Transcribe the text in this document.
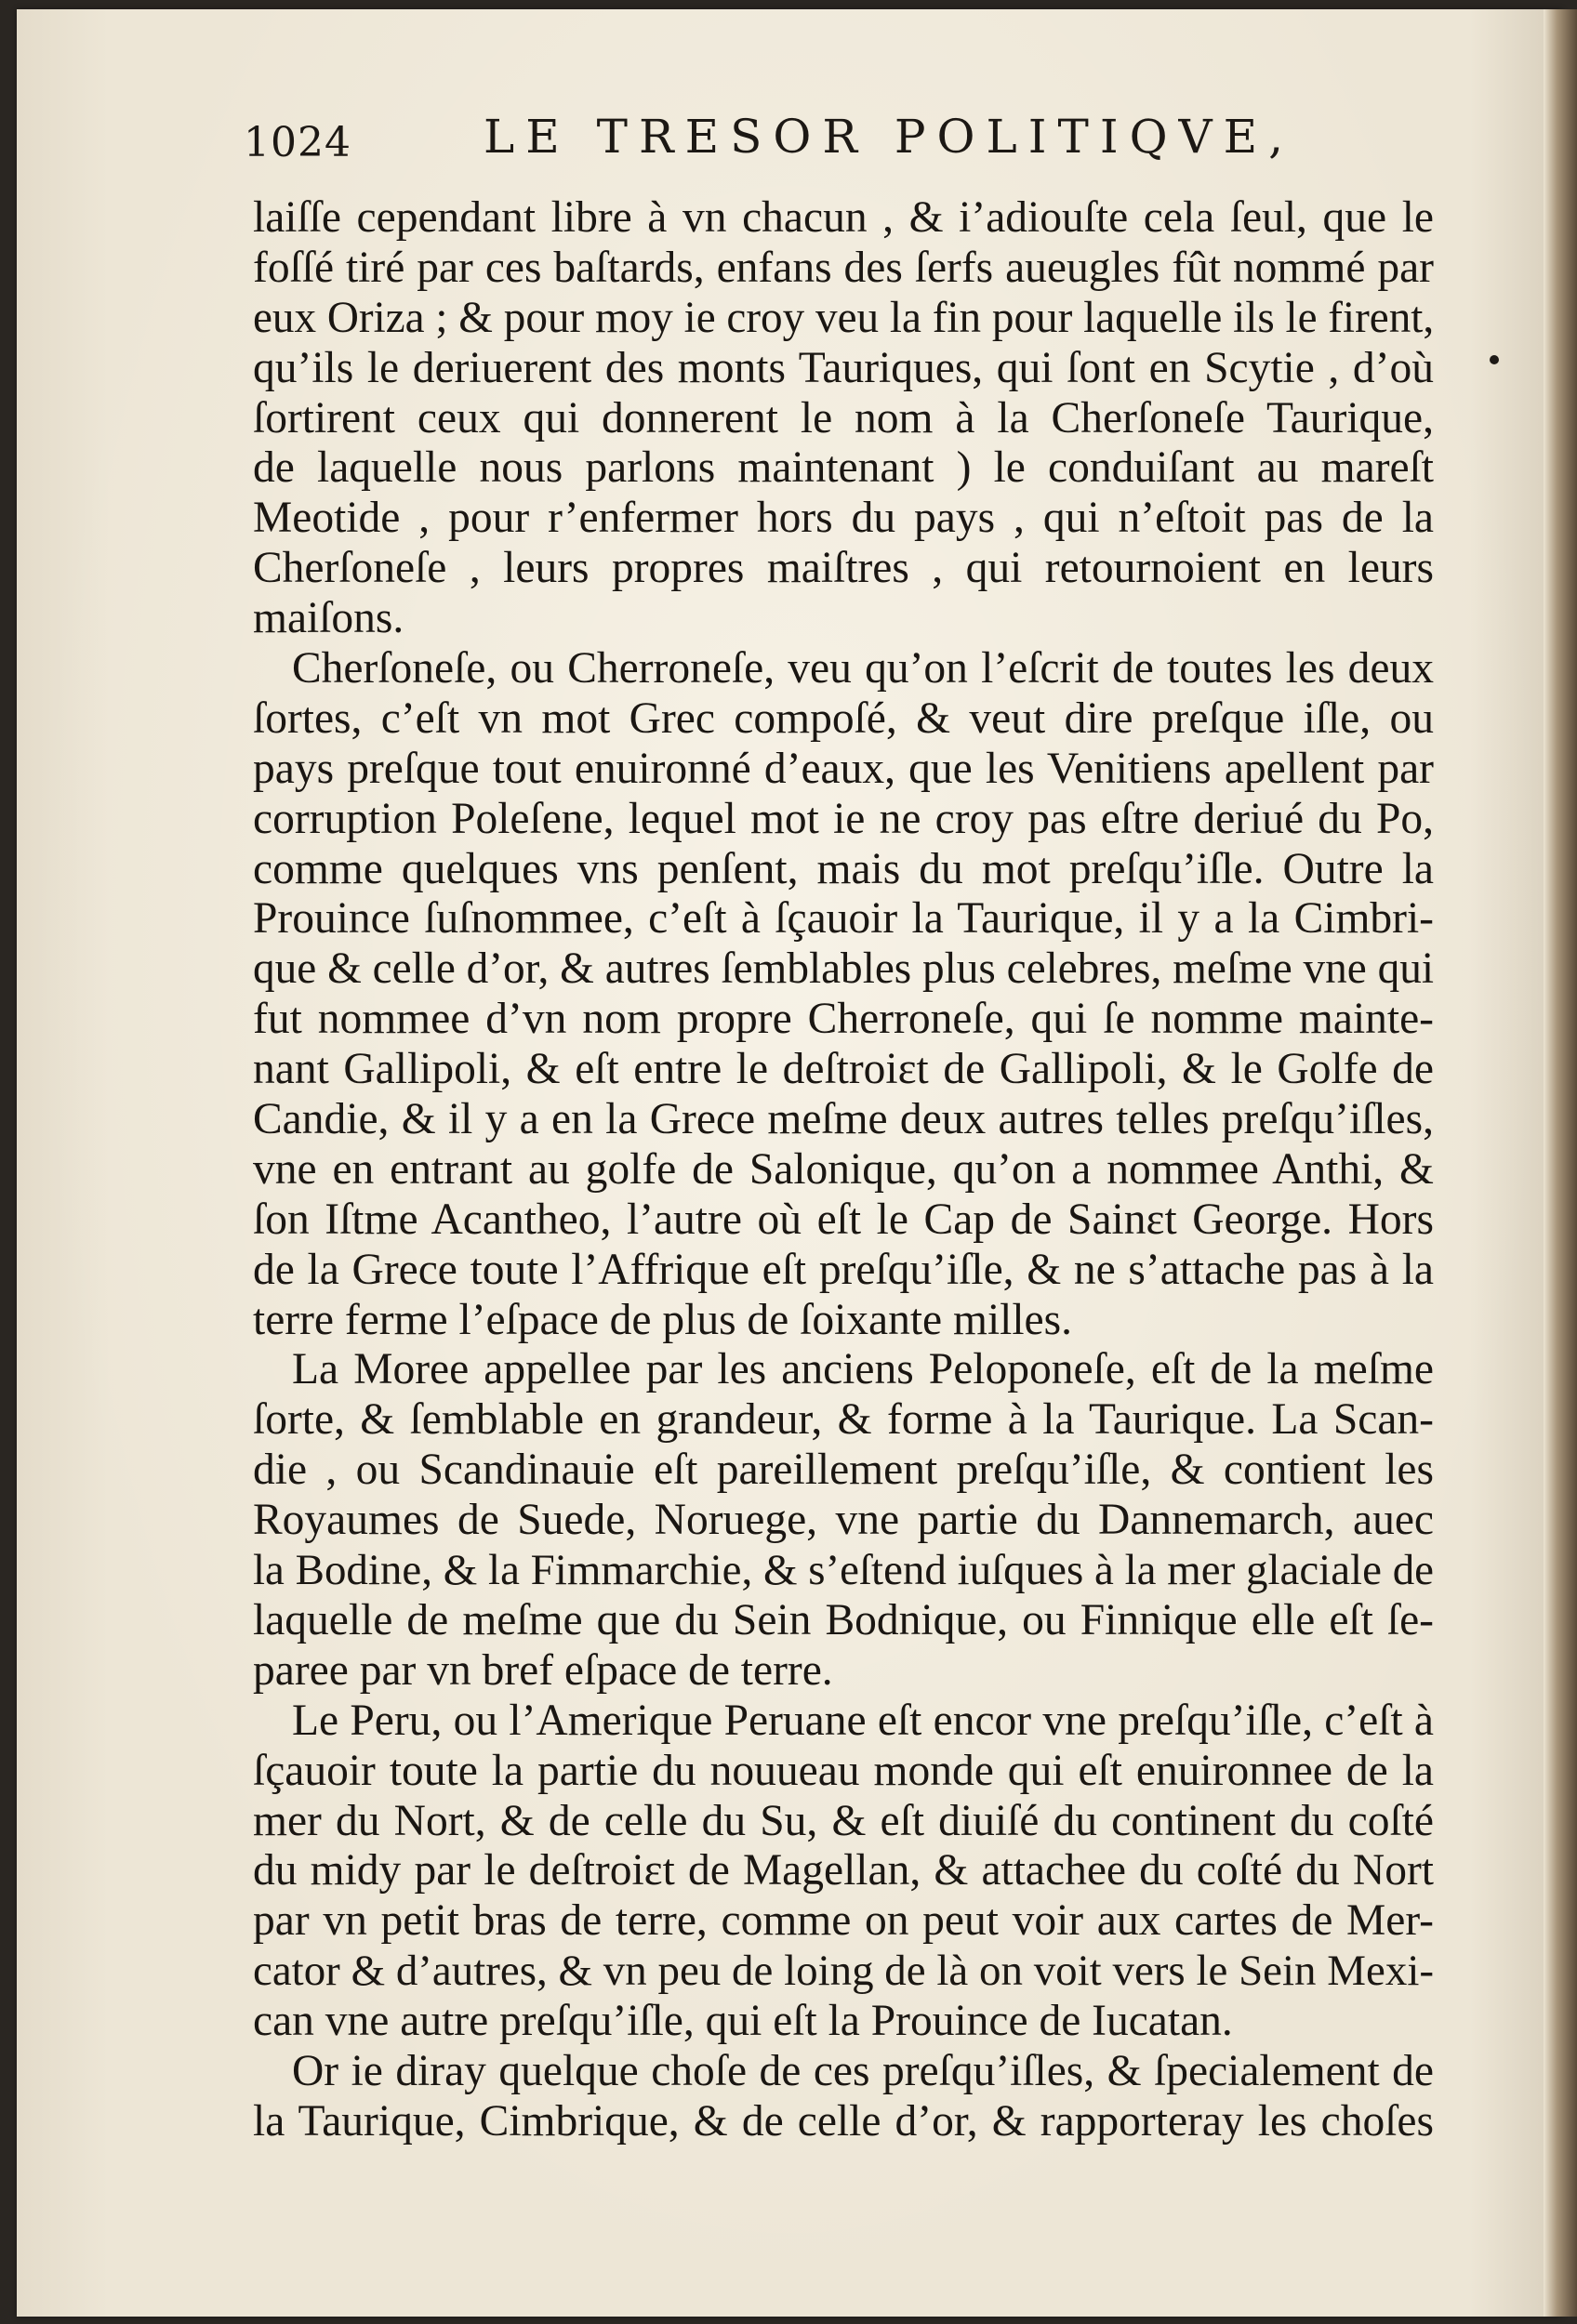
1024	LE TRESOR POLITIQVE,
laiſſe cependant libre à vn chacun , & i’adiouſte cela ſeul, que le
foſſé tiré par ces baſtards, enfans des ſerfs aueugles fût nommé par
eux Oriza ; & pour moy ie croy veu la fin pour laquelle ils le firent,
qu’ils le deriuerent des monts Tauriques, qui ſont en Scytie , d’où
ſortirent ceux qui donnerent le nom à la Cherſoneſe Taurique,
de laquelle nous parlons maintenant ) le conduiſant au mareſt
Meotide , pour r’enfermer hors du pays , qui n’eſtoit pas de la
Cherſoneſe , leurs propres maiſtres , qui retournoient en leurs
maiſons.
Cherſoneſe, ou Cherroneſe, veu qu’on l’eſcrit de toutes les deux
ſortes, c’eſt vn mot Grec compoſé, & veut dire preſque iſle, ou
pays preſque tout enuironné d’eaux, que les Venitiens apellent par
corruption Poleſene, lequel mot ie ne croy pas eſtre deriué du Po,
comme quelques vns penſent, mais du mot preſqu’iſle. Outre la
Prouince ſuſnommee, c’eſt à ſçauoir la Taurique, il y a la Cimbri-
que & celle d’or, & autres ſemblables plus celebres, meſme vne qui
fut nommee d’vn nom propre Cherroneſe, qui ſe nomme mainte-
nant Gallipoli, & eſt entre le deſtroiɛt de Gallipoli, & le Golfe de
Candie, & il y a en la Grece meſme deux autres telles preſqu’iſles,
vne en entrant au golfe de Salonique, qu’on a nommee Anthi, &
ſon Iſtme Acantheo, l’autre où eſt le Cap de Sainɛt George. Hors
de la Grece toute l’Affrique eſt preſqu’iſle, & ne s’attache pas à la
terre ferme l’eſpace de plus de ſoixante milles.
La Moree appellee par les anciens Peloponeſe, eſt de la meſme
ſorte, & ſemblable en grandeur, & forme à la Taurique. La Scan-
die , ou Scandinauie eſt pareillement preſqu’iſle, & contient les
Royaumes de Suede, Noruege, vne partie du Dannemarch, auec
la Bodine, & la Fimmarchie, & s’eſtend iuſques à la mer glaciale de
laquelle de meſme que du Sein Bodnique, ou Finnique elle eſt ſe-
paree par vn bref eſpace de terre.
Le Peru, ou l’Amerique Peruane eſt encor vne preſqu’iſle, c’eſt à
ſçauoir toute la partie du nouueau monde qui eſt enuironnee de la
mer du Nort, & de celle du Su, & eſt diuiſé du continent du coſté
du midy par le deſtroiɛt de Magellan, & attachee du coſté du Nort
par vn petit bras de terre, comme on peut voir aux cartes de Mer-
cator & d’autres, & vn peu de loing de là on voit vers le Sein Mexi-
can vne autre preſqu’iſle, qui eſt la Prouince de Iucatan.
Or ie diray quelque choſe de ces preſqu’iſles, & ſpecialement de
la Taurique, Cimbrique, & de celle d’or, & rapporteray les choſes
